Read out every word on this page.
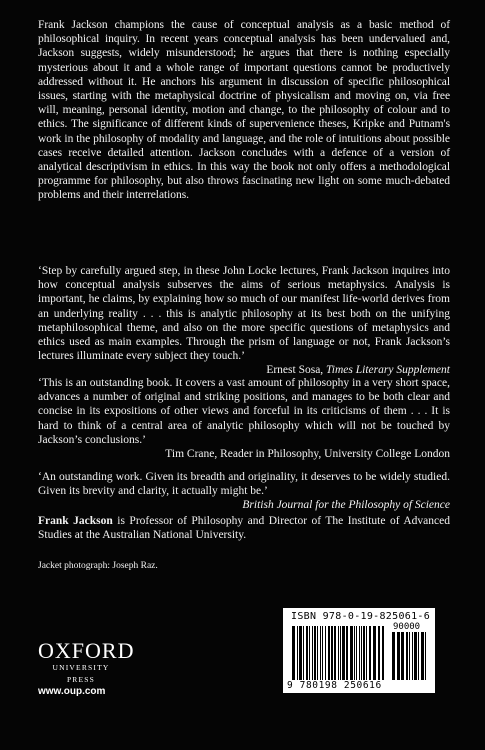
Frank Jackson champions the cause of conceptual analysis as a basic method of philosophical inquiry. In recent years conceptual analysis has been undervalued and, Jackson suggests, widely misunderstood; he argues that there is nothing especially mysterious about it and a whole range of important questions cannot be productively addressed without it. He anchors his argument in discussion of specific philosophical issues, starting with the metaphysical doctrine of physicalism and moving on, via free will, meaning, personal identity, motion and change, to the philosophy of colour and to ethics. The significance of different kinds of supervenience theses, Kripke and Putnam's work in the philosophy of modality and language, and the role of intuitions about possible cases receive detailed attention. Jackson concludes with a defence of a version of analytical descriptivism in ethics. In this way the book not only offers a methodological programme for philosophy, but also throws fascinating new light on some much-debated problems and their interrelations.

‘Step by carefully argued step, in these John Locke lectures, Frank Jackson inquires into how conceptual analysis subserves the aims of serious metaphysics. Analysis is important, he claims, by explaining how so much of our manifest life-world derives from an underlying reality . . . this is analytic philosophy at its best both on the unifying metaphilosophical theme, and also on the more specific questions of metaphysics and ethics used as main examples. Through the prism of language or not, Frank Jackson’s lectures illuminate every subject they touch.’

Ernest Sosa, Times Literary Supplement

‘This is an outstanding book. It covers a vast amount of philosophy in a very short space, advances a number of original and striking positions, and manages to be both clear and concise in its expositions of other views and forceful in its criticisms of them . . . It is hard to think of a central area of analytic philosophy which will not be touched by Jackson’s conclusions.’

Tim Crane, Reader in Philosophy, University College London

‘An outstanding work. Given its breadth and originality, it deserves to be widely studied. Given its brevity and clarity, it actually might be.’

British Journal for the Philosophy of Science

Frank Jackson is Professor of Philosophy and Director of The Institute of Advanced Studies at the Australian National University.

Jacket photograph: Joseph Raz.
OXFORD
UNIVERSITY PRESS
www.oup.com
ISBN 978-0-19-825061-6
90000
9 780198 250616
